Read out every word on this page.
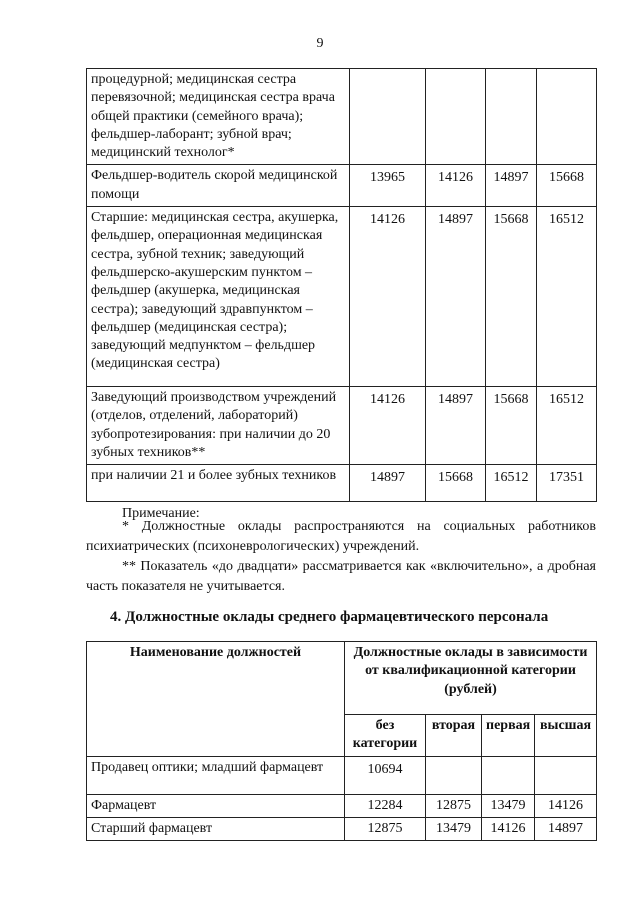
9
процедурной; медицинская сестра перевязочной; медицинская сестра врача общей практики (семейного врача); фельдшер-лаборант; зубной врач; медицинский технолог*				
Фельдшер-водитель скорой медицинской помощи	13965	14126	14897	15668
Старшие: медицинская сестра, акушерка, фельдшер, операционная медицинская сестра, зубной техник; заведующий фельдшерско-акушерским пунктом – фельдшер (акушерка, медицинская сестра); заведующий здравпунктом – фельдшер (медицинская сестра); заведующий медпунктом – фельдшер (медицинская сестра)	14126	14897	15668	16512
Заведующий производством учреждений (отделов, отделений, лабораторий) зубопротезирования: при наличии до 20 зубных техников**	14126	14897	15668	16512
при наличии 21 и более зубных техников	14897	15668	16512	17351
Примечание:
* Должностные оклады распространяются на социальных работников психиатрических (психоневрологических) учреждений.
** Показатель «до двадцати» рассматривается как «включительно», а дробная часть показателя не учитывается.
4. Должностные оклады среднего фармацевтического персонала
Наименование должностей	Должностные оклады в зависимости от квалификационной категории (рублей)			
	без категории	вторая	первая	высшая
Продавец оптики; младший фармацевт	10694			
Фармацевт	12284	12875	13479	14126
Старший фармацевт	12875	13479	14126	14897
